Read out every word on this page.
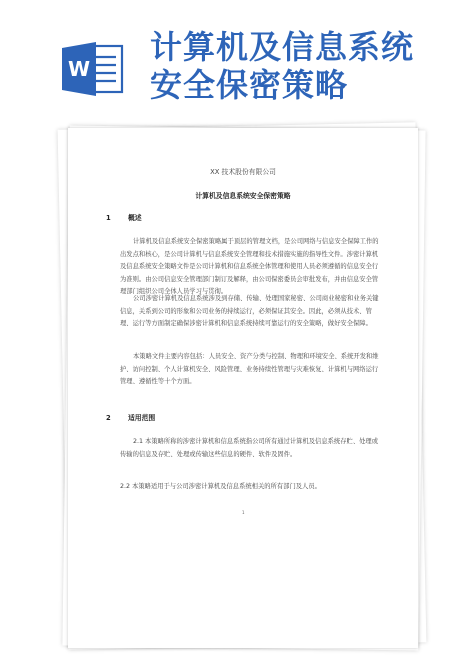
W
计算机及信息系统
安全保密策略

XX 技术股份有限公司
计算机及信息系统安全保密策略
1	概述
计算机及信息系统安全保密策略属于顶层的管理文档，是公司网络与信息安全保障工作的出发点和核心，是公司计算机与信息系统安全管理和技术措施实施的指导性文件。涉密计算机及信息系统安全策略文件是公司计算机和信息系统全体管理和使用人员必须遵循的信息安全行为准则。由公司信息安全管理部门制订及解释，由公司保密委员会审批发布，并由信息安全管理部门组织公司全体人员学习与贯彻。
公司涉密计算机及信息系统涉及到存储、传输、处理国家秘密、公司商业秘密和业务关键信息，关系到公司的形象和公司业务的持续运行，必须保证其安全。因此，必须从技术、管理、运行等方面制定确保涉密计算机和信息系统持续可靠运行的安全策略，做好安全保障。
本策略文件主要内容包括：人员安全、资产分类与控制、物理和环境安全、系统开发和维护、访问控制、个人计算机安全、风险管理、业务持续性管理与灾难恢复、计算机与网络运行管理、遵循性等十个方面。
2	适用范围
2.1 本策略所称的涉密计算机和信息系统指公司所有通过计算机及信息系统存贮、处理或传输的信息及存贮、处理或传输这些信息的硬件、软件及固件。
2.2 本策略适用于与公司涉密计算机及信息系统相关的所有部门及人员。
1
